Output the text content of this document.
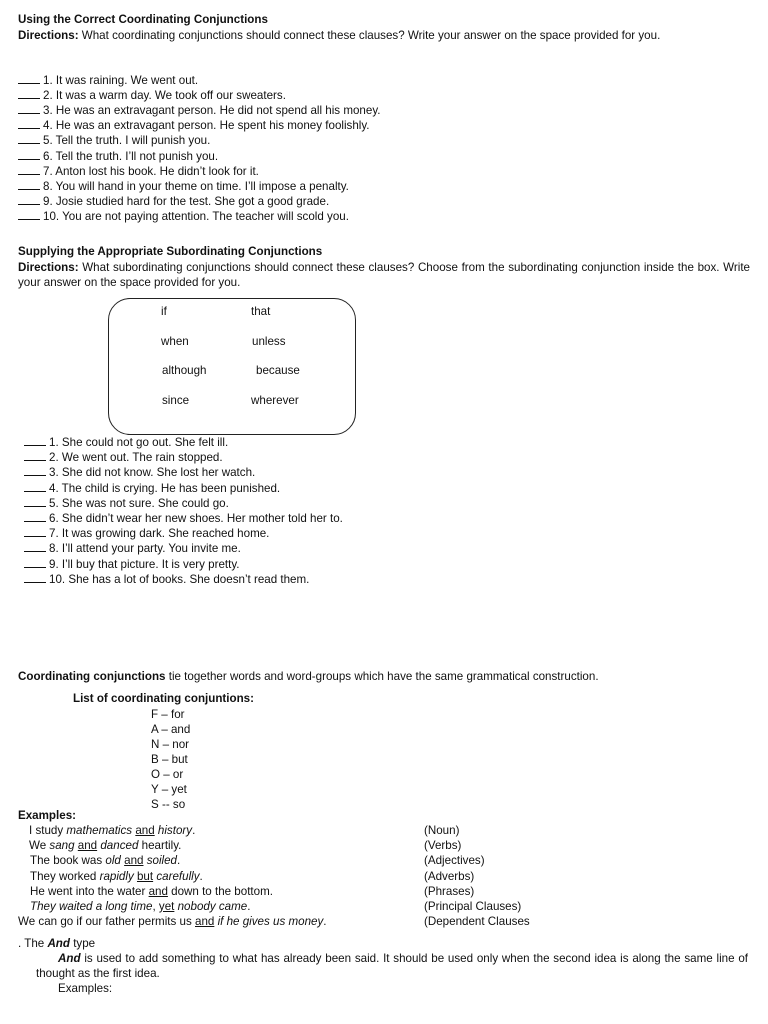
Using the Correct Coordinating Conjunctions
Directions: What coordinating conjunctions should connect these clauses? Write your answer on the space provided for you.
1. It was raining. We went out.
2. It was a warm day. We took off our sweaters.
3. He was an extravagant person. He did not spend all his money.
4. He was an extravagant person. He spent his money foolishly.
5. Tell the truth. I will punish you.
6. Tell the truth. I’ll not punish you.
7. Anton lost his book. He didn’t look for it.
8. You will hand in your theme on time. I’ll impose a penalty.
9. Josie studied hard for the test. She got a good grade.
10. You are not paying attention. The teacher will scold you.
Supplying the Appropriate Subordinating Conjunctions
Directions: What subordinating conjunctions should connect these clauses? Choose from the subordinating conjunction inside the box. Write your answer on the space provided for you.
if
when
although
since
that
unless
because
wherever
1. She could not go out. She felt ill.
2. We went out. The rain stopped.
3. She did not know. She lost her watch.
4. The child is crying. He has been punished.
5. She was not sure. She could go.
6. She didn’t wear her new shoes. Her mother told her to.
7. It was growing dark. She reached home.
8. I’ll attend your party. You invite me.
9. I’ll buy that picture. It is very pretty.
10. She has a lot of books. She doesn’t read them.
Coordinating conjunctions tie together words and word-groups which have the same grammatical construction.
List of coordinating conjuntions:
F – for
A – and
N – nor
B – but
O – or
Y – yet
S -- so
Examples:
I study mathematics and history.	(Noun)
We sang and danced heartily.	(Verbs)
The book was old and soiled.	(Adjectives)
They worked rapidly but carefully.	(Adverbs)
He went into the water and down to the bottom.	(Phrases)
They waited a long time, yet nobody came.	(Principal Clauses)
We can go if our father permits us and if he gives us money.	(Dependent Clauses
. The And type
And is used to add something to what has already been said. It should be used only when the second idea is along the same line of thought as the first idea.
Examples:
